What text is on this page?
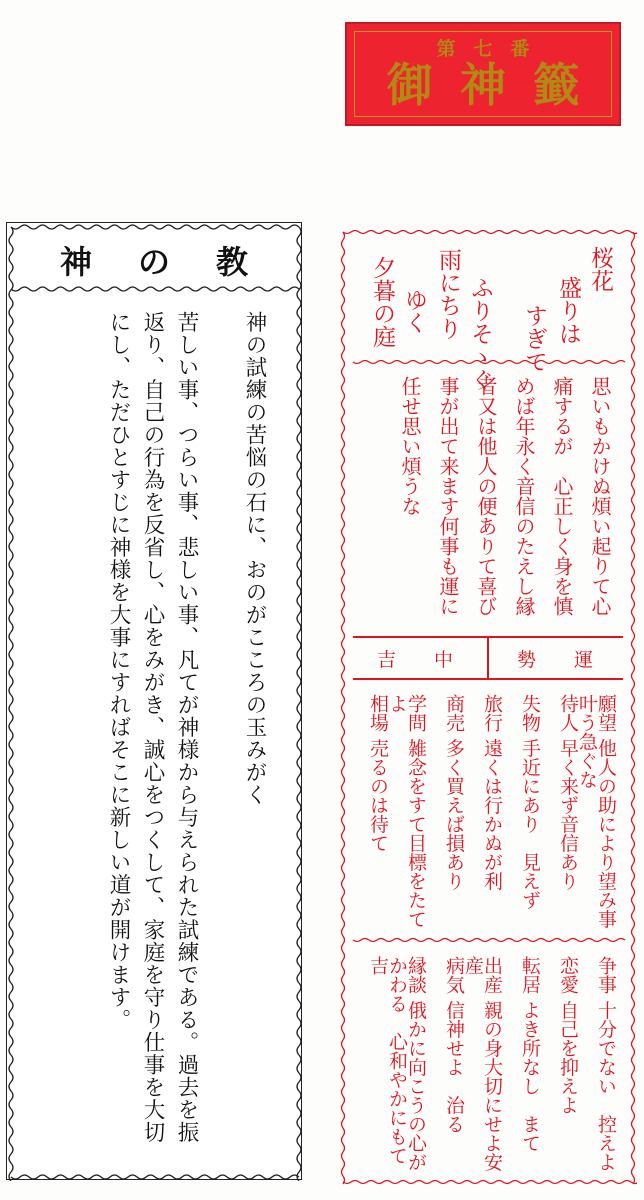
第 七 番
御 神 籤
神 の 教

神の試練の苦悩の石に、おのがこころの玉みがく

苦しい事、つらい事、悲しい事、凡てが神様から与えられた試練である。過去を振

返り、自己の行為を反省し、心をみがき、誠心をつくして、家庭を守り仕事を大切

にし、ただひとすじに神様を大事にすればそこに新しい道が開けます。

桜花
盛りは
すぎて
ふりそゝぐ
雨にちり
ゆく
夕暮の庭
思いもかけぬ煩い起りて心
痛するが　心正しく身を慎
めば年永く音信のたえし縁
者又は他人の便ありて喜び
事が出て来ます何事も運に
任せ思い煩うな
吉　　中	勢　　運
願望 他人の助により望み事叶う急ぐな
待人 早く来ず音信あり
失物 手近にあり　見えず
旅行 遠くは行かぬが利
商売 多く買えば損あり
学問 雑念をすて目標をたてよ
相場 売るのは待て
争事 十分でない　控えよ
恋愛 自己を抑えよ
転居 よき所なし　まて
出産 親の身大切にせよ安産
病気 信神せよ　治る
縁談 俄かに向こうの心がかわる　心和やかにもて吉
